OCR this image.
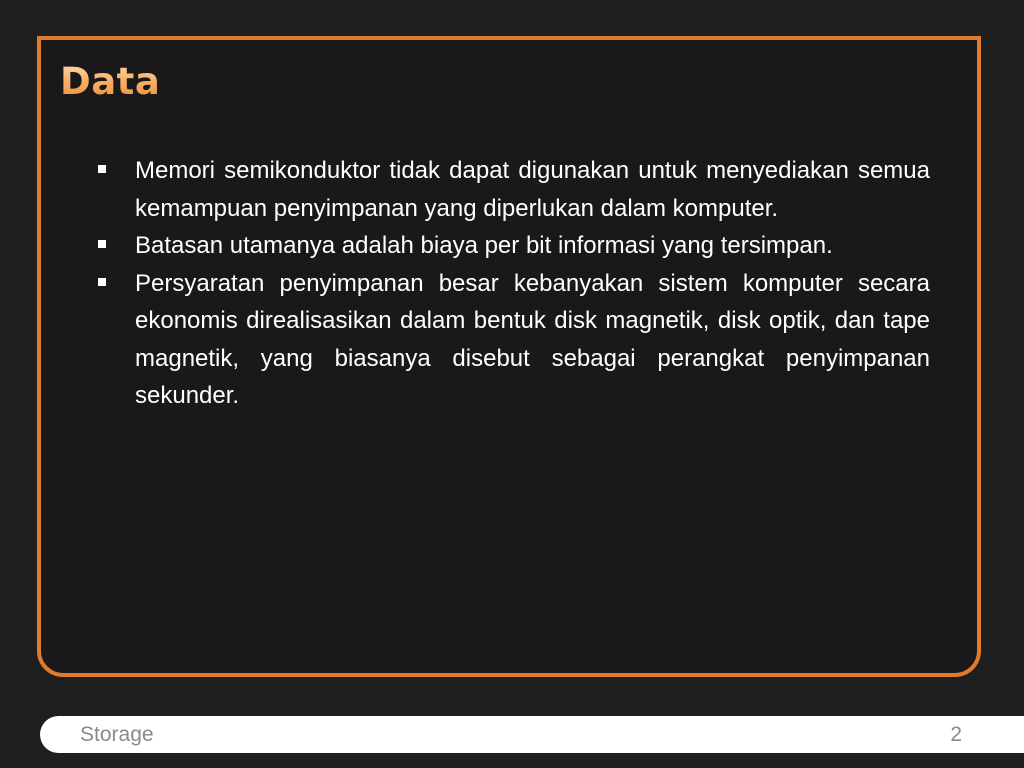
Data
Memori semikonduktor tidak dapat digunakan untuk menyediakan semua kemampuan penyimpanan yang diperlukan dalam komputer.
Batasan utamanya adalah biaya per bit informasi yang tersimpan.
Persyaratan penyimpanan besar kebanyakan sistem komputer secara ekonomis direalisasikan dalam bentuk disk magnetik, disk optik, dan tape magnetik, yang biasanya disebut sebagai perangkat penyimpanan sekunder.
Storage	2
